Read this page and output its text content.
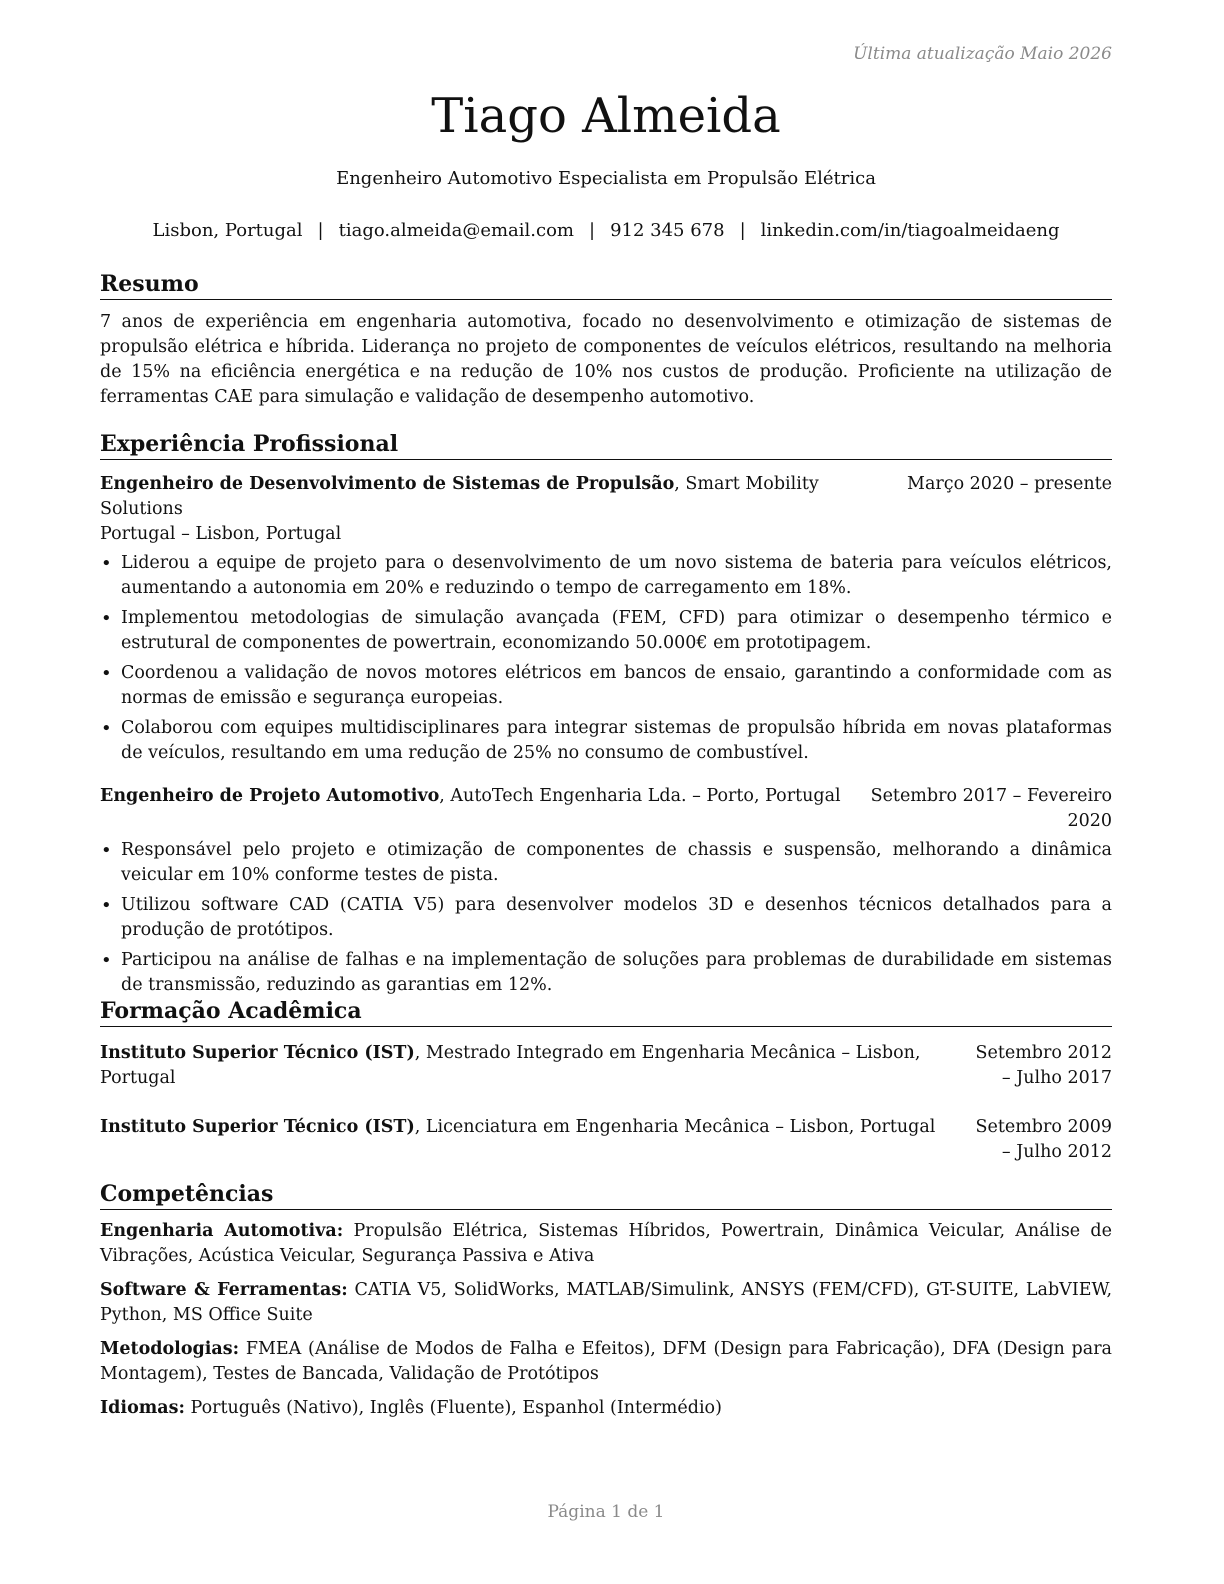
Última atualização Maio 2026
Tiago Almeida
Engenheiro Automotivo Especialista em Propulsão Elétrica
Lisbon, Portugal | tiago.almeida@email.com | 912 345 678 | linkedin.com/in/tiagoalmeidaeng
Resumo

7 anos de experiência em engenharia automotiva, focado no desenvolvimento e otimização de sistemas de propulsão elétrica e híbrida. Liderança no projeto de componentes de veículos elétricos, resultando na melhoria de 15% na eficiência energética e na redução de 10% nos custos de produção. Proficiente na utilização de ferramentas CAE para simulação e validação de desempenho automotivo.

Experiência Profissional
Engenheiro de Desenvolvimento de Sistemas de Propulsão, Smart Mobility Solutions
Março 2020 – presente
Portugal – Lisbon, Portugal
• Liderou a equipe de projeto para o desenvolvimento de um novo sistema de bateria para veículos elétricos, aumentando a autonomia em 20% e reduzindo o tempo de carregamento em 18%.
• Implementou metodologias de simulação avançada (FEM, CFD) para otimizar o desempenho térmico e estrutural de componentes de powertrain, economizando 50.000€ em prototipagem.
• Coordenou a validação de novos motores elétricos em bancos de ensaio, garantindo a conformidade com as normas de emissão e segurança europeias.
• Colaborou com equipes multidisciplinares para integrar sistemas de propulsão híbrida em novas plataformas de veículos, resultando em uma redução de 25% no consumo de combustível.
Engenheiro de Projeto Automotivo, AutoTech Engenharia Lda. – Porto, Portugal	Setembro 2017 – Fevereiro 2020
• Responsável pelo projeto e otimização de componentes de chassis e suspensão, melhorando a dinâmica veicular em 10% conforme testes de pista.
• Utilizou software CAD (CATIA V5) para desenvolver modelos 3D e desenhos técnicos detalhados para a produção de protótipos.
• Participou na análise de falhas e na implementação de soluções para problemas de durabilidade em sistemas de transmissão, reduzindo as garantias em 12%.
Formação Acadêmica
Instituto Superior Técnico (IST), Mestrado Integrado em Engenharia Mecânica – Lisbon, Portugal
Setembro 2012 – Julho 2017
Instituto Superior Técnico (IST), Licenciatura em Engenharia Mecânica – Lisbon, Portugal	Setembro 2009 – Julho 2012
Competências
Engenharia Automotiva: Propulsão Elétrica, Sistemas Híbridos, Powertrain, Dinâmica Veicular, Análise de Vibrações, Acústica Veicular, Segurança Passiva e Ativa
Software & Ferramentas: CATIA V5, SolidWorks, MATLAB/Simulink, ANSYS (FEM/CFD), GT-SUITE, LabVIEW, Python, MS Office Suite
Metodologias: FMEA (Análise de Modos de Falha e Efeitos), DFM (Design para Fabricação), DFA (Design para Montagem), Testes de Bancada, Validação de Protótipos
Idiomas: Português (Nativo), Inglês (Fluente), Espanhol (Intermédio)
Página 1 de 1
